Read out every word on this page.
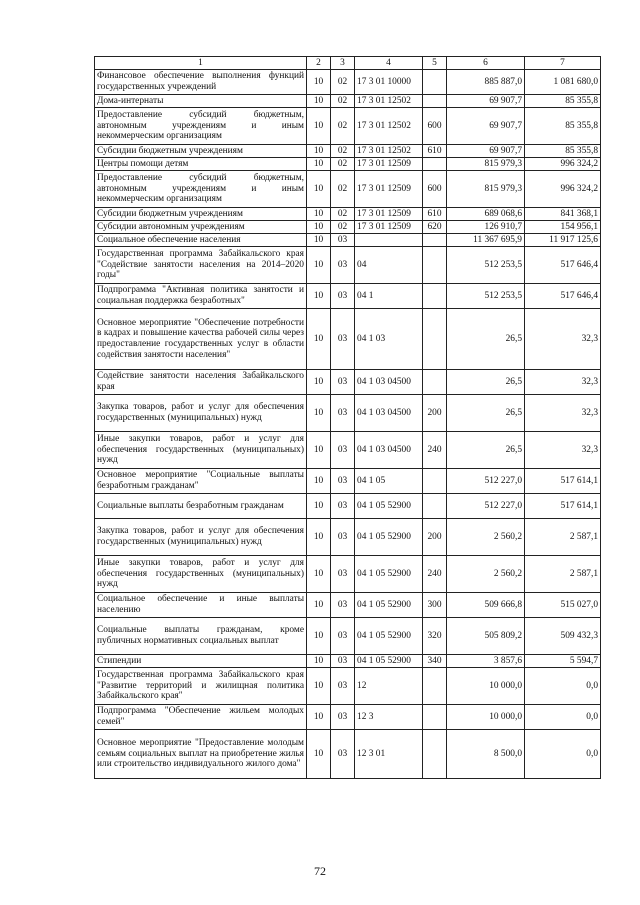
1	2	3	4	5	6	7
Финансовое обеспечение выполнения функций государственных учреждений	10	02	17 3 01 10000		885 887,0	1 081 680,0
Дома-интернаты	10	02	17 3 01 12502		69 907,7	85 355,8
Предоставление субсидий бюджетным, автономным учреждениям и иным некоммерческим организациям	10	02	17 3 01 12502	600	69 907,7	85 355,8
Субсидии бюджетным учреждениям	10	02	17 3 01 12502	610	69 907,7	85 355,8
Центры помощи детям	10	02	17 3 01 12509		815 979,3	996 324,2
Предоставление субсидий бюджетным, автономным учреждениям и иным некоммерческим организациям	10	02	17 3 01 12509	600	815 979,3	996 324,2
Субсидии бюджетным учреждениям	10	02	17 3 01 12509	610	689 068,6	841 368,1
Субсидии автономным учреждениям	10	02	17 3 01 12509	620	126 910,7	154 956,1
Социальное обеспечение населения	10	03			11 367 695,9	11 917 125,6
Государственная программа Забайкальского края "Содействие занятости населения на 2014–2020 годы"	10	03	04		512 253,5	517 646,4
Подпрограмма "Активная политика занятости и социальная поддержка безработных"	10	03	04 1		512 253,5	517 646,4
Основное мероприятие "Обеспечение потребности в кадрах и повышение качества рабочей силы через предоставление государственных услуг в области содействия занятости населения"	10	03	04 1 03		26,5	32,3
Содействие занятости населения Забайкальского края	10	03	04 1 03 04500		26,5	32,3
Закупка товаров, работ и услуг для обеспечения государственных (муниципальных) нужд	10	03	04 1 03 04500	200	26,5	32,3
Иные закупки товаров, работ и услуг для обеспечения государственных (муниципальных) нужд	10	03	04 1 03 04500	240	26,5	32,3
Основное мероприятие "Социальные выплаты безработным гражданам"	10	03	04 1 05		512 227,0	517 614,1
Социальные выплаты безработным гражданам	10	03	04 1 05 52900		512 227,0	517 614,1
Закупка товаров, работ и услуг для обеспечения государственных (муниципальных) нужд	10	03	04 1 05 52900	200	2 560,2	2 587,1
Иные закупки товаров, работ и услуг для обеспечения государственных (муниципальных) нужд	10	03	04 1 05 52900	240	2 560,2	2 587,1
Социальное обеспечение и иные выплаты населению	10	03	04 1 05 52900	300	509 666,8	515 027,0
Социальные выплаты гражданам, кроме публичных нормативных социальных выплат	10	03	04 1 05 52900	320	505 809,2	509 432,3
Стипендии	10	03	04 1 05 52900	340	3 857,6	5 594,7
Государственная программа Забайкальского края "Развитие территорий и жилищная политика Забайкальского края"	10	03	12		10 000,0	0,0
Подпрограмма "Обеспечение жильем молодых семей"	10	03	12 3		10 000,0	0,0
Основное мероприятие "Предоставление молодым семьям социальных выплат на приобретение жилья или строительство индивидуального жилого дома"	10	03	12 3 01		8 500,0	0,0
72
